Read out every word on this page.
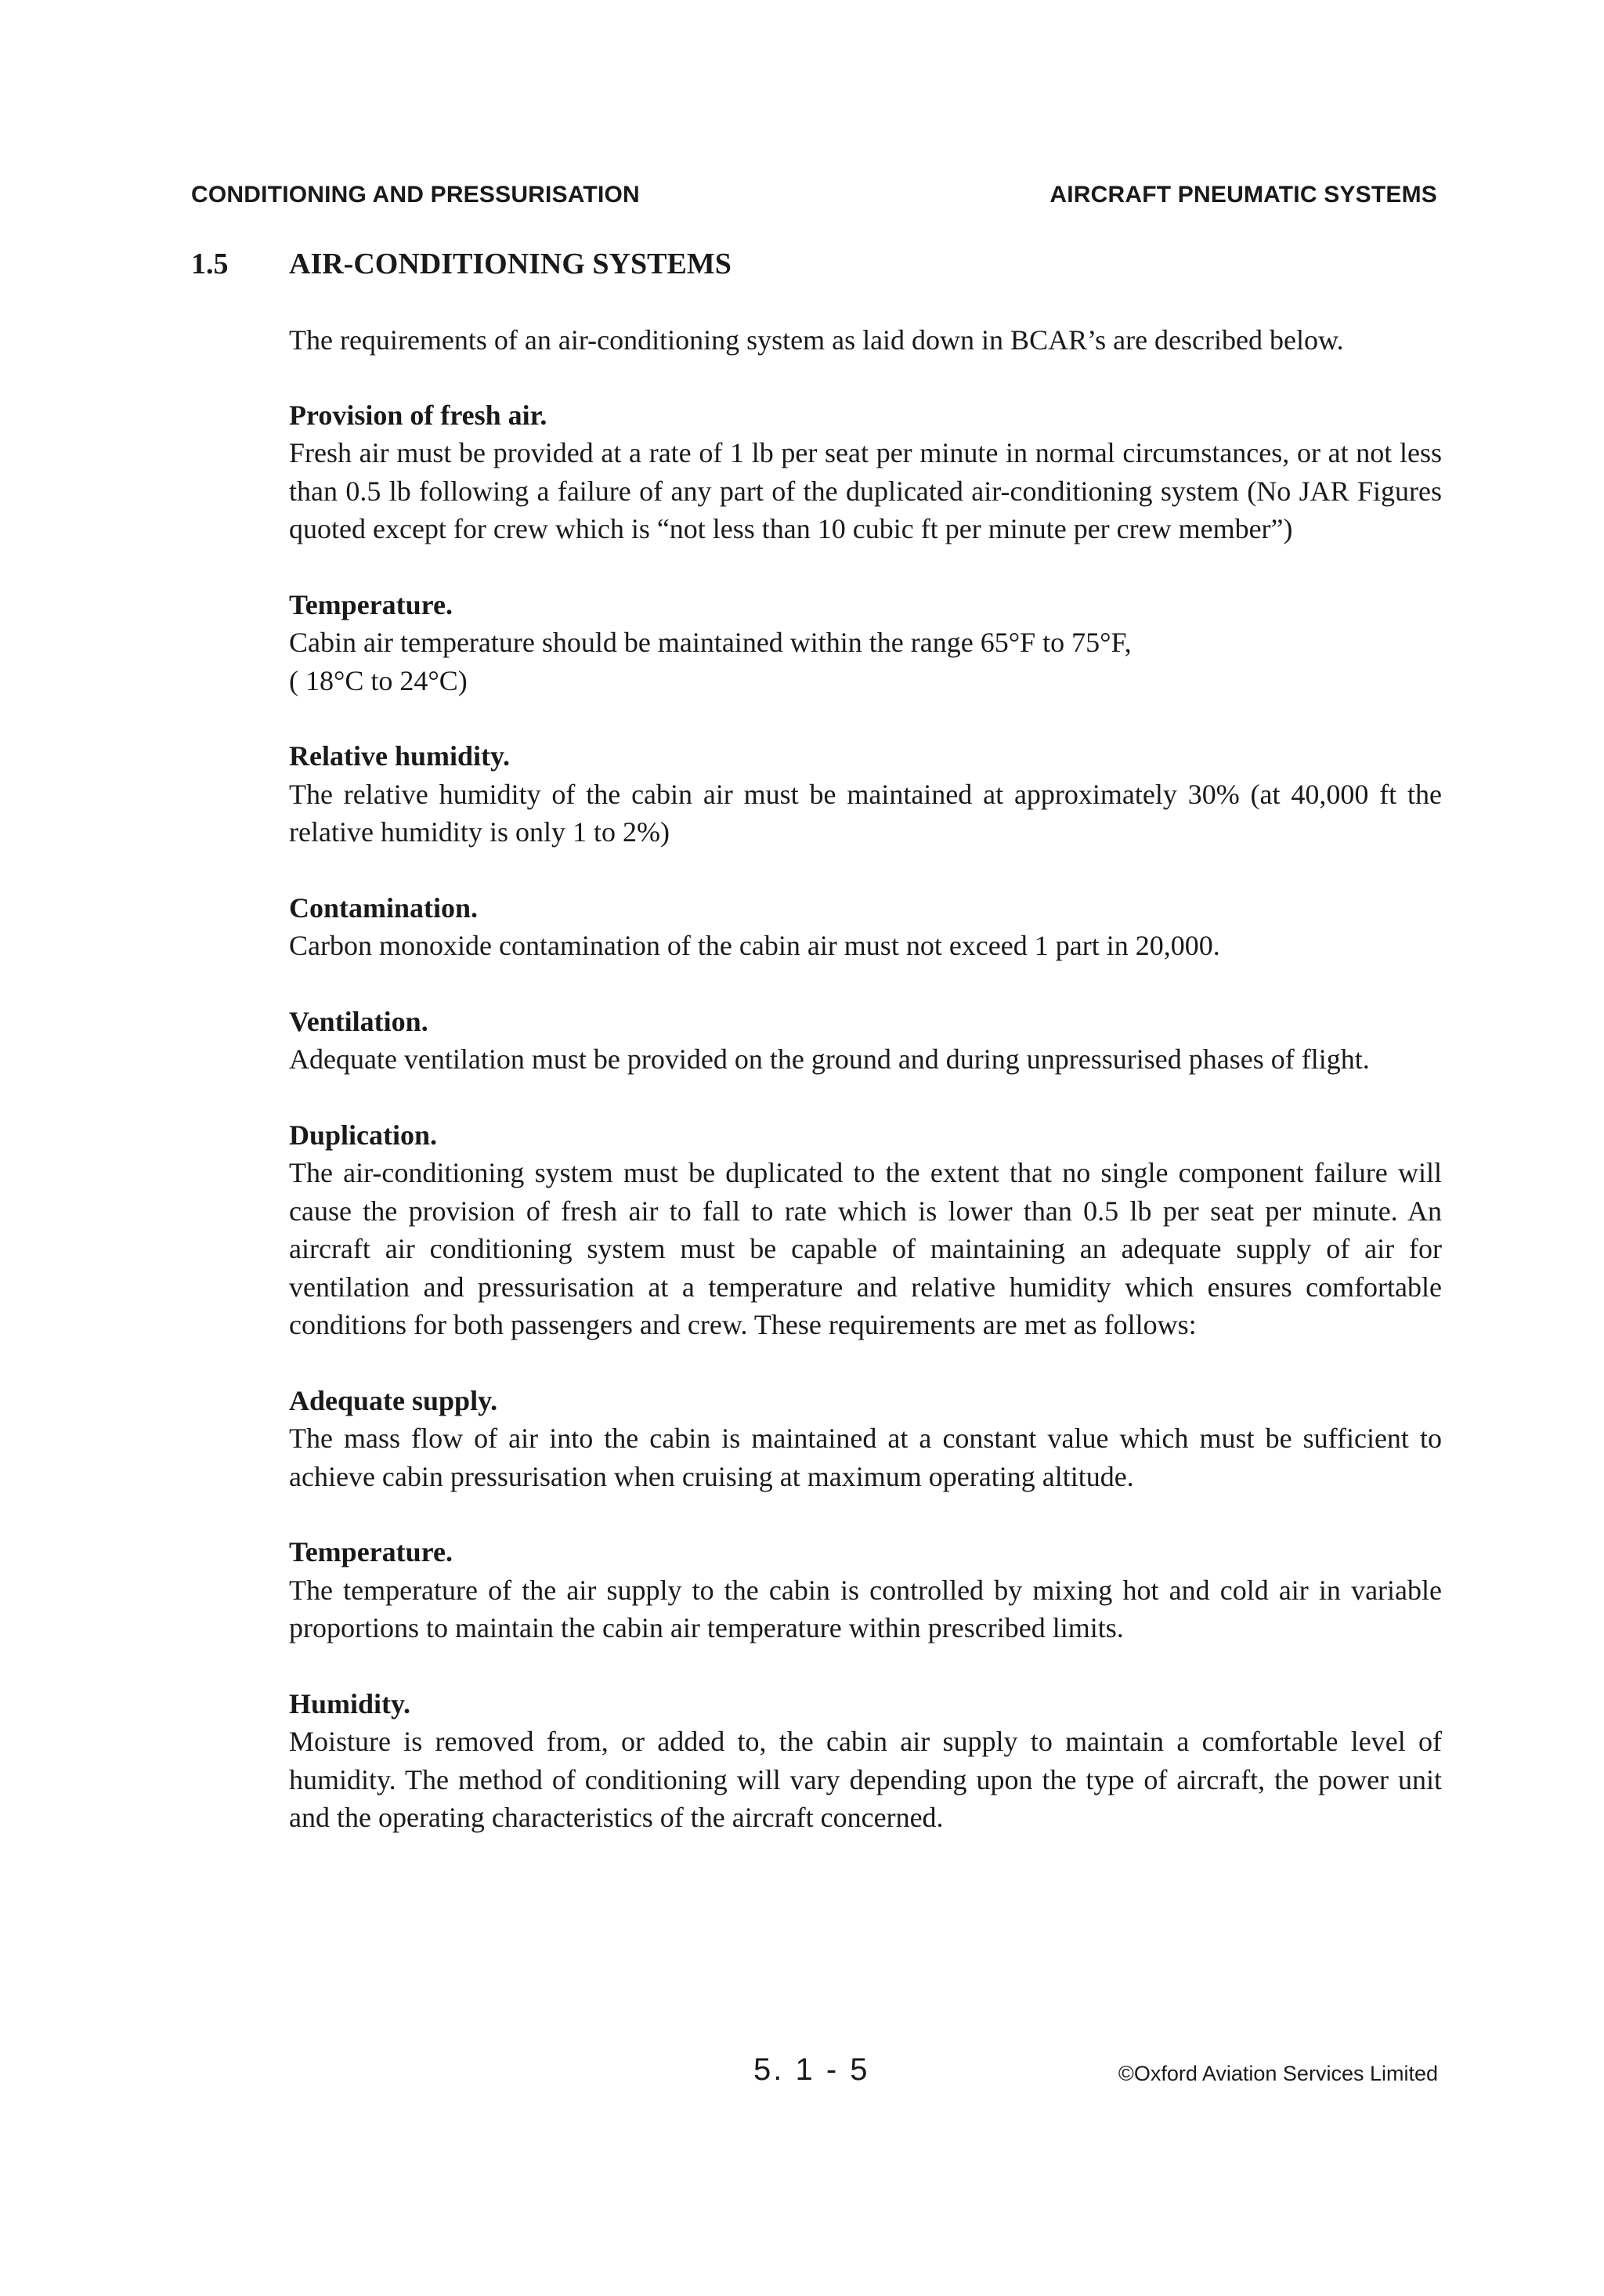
CONDITIONING AND PRESSURISATION	AIRCRAFT PNEUMATIC SYSTEMS
1.5 AIR-CONDITIONING SYSTEMS

The requirements of an air-conditioning system as laid down in BCAR’s are described below.

Provision of fresh air.

Fresh air must be provided at a rate of 1 lb per seat per minute in normal circumstances, or at not less than 0.5 lb following a failure of any part of the duplicated air-conditioning system (No JAR Figures quoted except for crew which is “not less than 10 cubic ft per minute per crew member”)

Temperature.

Cabin air temperature should be maintained within the range 65°F to 75°F,

( 18°C to 24°C)

Relative humidity.

The relative humidity of the cabin air must be maintained at approximately 30% (at 40,000 ft the relative humidity is only 1 to 2%)

Contamination.

Carbon monoxide contamination of the cabin air must not exceed 1 part in 20,000.

Ventilation.

Adequate ventilation must be provided on the ground and during unpressurised phases of flight.

Duplication.

The air-conditioning system must be duplicated to the extent that no single component failure will cause the provision of fresh air to fall to rate which is lower than 0.5 lb per seat per minute. An aircraft air conditioning system must be capable of maintaining an adequate supply of air for ventilation and pressurisation at a temperature and relative humidity which ensures comfortable conditions for both passengers and crew. These requirements are met as follows:

Adequate supply.

The mass flow of air into the cabin is maintained at a constant value which must be sufficient to achieve cabin pressurisation when cruising at maximum operating altitude.

Temperature.

The temperature of the air supply to the cabin is controlled by mixing hot and cold air in variable proportions to maintain the cabin air temperature within prescribed limits.

Humidity.

Moisture is removed from, or added to, the cabin air supply to maintain a comfortable level of humidity. The method of conditioning will vary depending upon the type of aircraft, the power unit and the operating characteristics of the aircraft concerned.

5. 1 - 5	©Oxford Aviation Services Limited
